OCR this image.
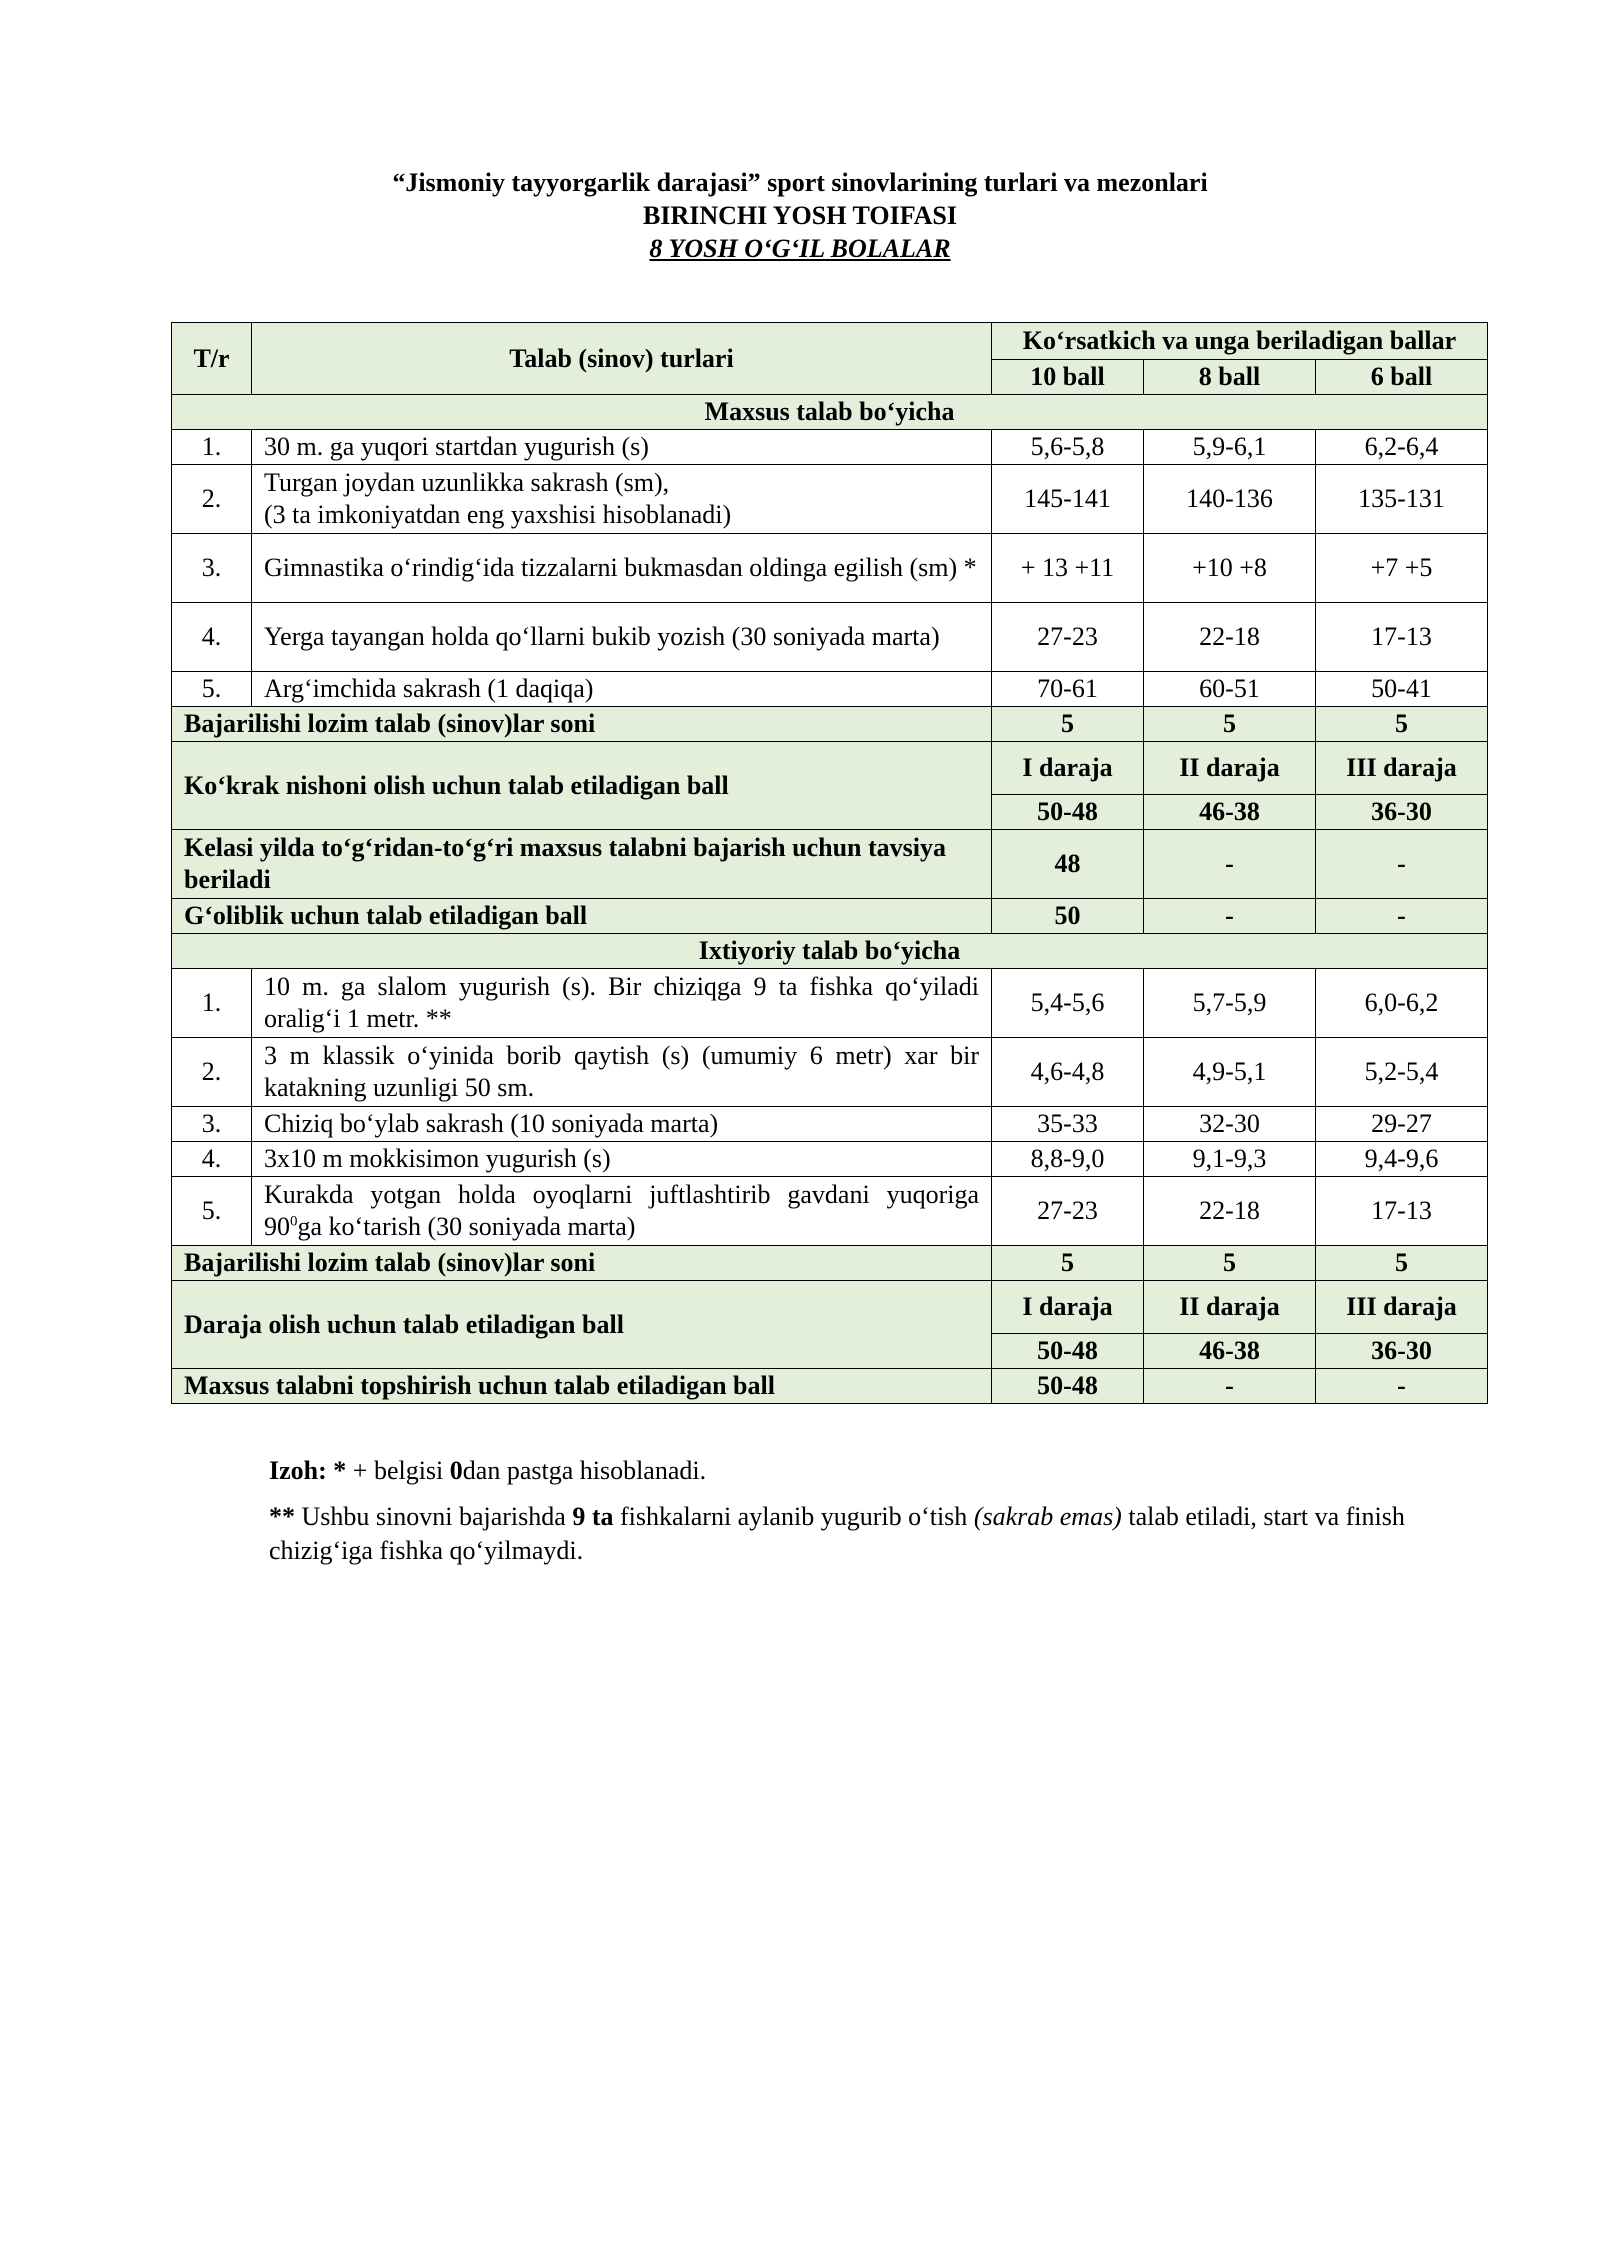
“Jismoniy tayyorgarlik darajasi” sport sinovlarining turlari va mezonlari
BIRINCHI YOSH TOIFASI
8 YOSH O‘G‘IL BOLALAR
T/r	Talab (sinov) turlari	Ko‘rsatkich va unga beriladigan ballar		
		10 ball	8 ball	6 ball
Maxsus talab bo‘yicha				
1.	30 m. ga yuqori startdan yugurish (s)	5,6-5,8	5,9-6,1	6,2-6,4
2.	Turgan joydan uzunlikka sakrash (sm),
(3 ta imkoniyatdan eng yaxshisi hisoblanadi)	145-141	140-136	135-131
3.	Gimnastika o‘rindig‘ida tizzalarni bukmasdan oldinga egilish (sm) *	+ 13 +11	+10 +8	+7 +5
4.	Yerga tayangan holda qo‘llarni bukib yozish (30 soniyada marta)	27-23	22-18	17-13
5.	Arg‘imchida sakrash (1 daqiqa)	70-61	60-51	50-41
Bajarilishi lozim talab (sinov)lar soni		5	5	5
Ko‘krak nishoni olish uchun talab etiladigan ball		I daraja	II daraja	III daraja
		50-48	46-38	36-30
Kelasi yilda to‘g‘ridan-to‘g‘ri maxsus talabni bajarish uchun tavsiya beriladi		48	-	-
G‘oliblik uchun talab etiladigan ball		50	-	-
Ixtiyoriy talab bo‘yicha				
1.	10 m. ga slalom yugurish (s). Bir chiziqga 9 ta fishka qo‘yiladi oralig‘i 1 metr. **	5,4-5,6	5,7-5,9	6,0-6,2
2.	3 m klassik o‘yinida borib qaytish (s) (umumiy 6 metr) xar bir katakning uzunligi 50 sm.	4,6-4,8	4,9-5,1	5,2-5,4
3.	Chiziq bo‘ylab sakrash (10 soniyada marta)	35-33	32-30	29-27
4.	3x10 m mokkisimon yugurish (s)	8,8-9,0	9,1-9,3	9,4-9,6
5.	Kurakda yotgan holda oyoqlarni juftlashtirib gavdani yuqoriga $90^0ga$ ko‘tarish (30 soniyada marta)	27-23	22-18	17-13
Bajarilishi lozim talab (sinov)lar soni		5	5	5
Daraja olish uchun talab etiladigan ball		I daraja	II daraja	III daraja
		50-48	46-38	36-30
Maxsus talabni topshirish uchun talab etiladigan ball		50-48	-	-

Izoh: * + belgisi 0dan pastga hisoblanadi.

** Ushbu sinovni bajarishda 9 ta fishkalarni aylanib yugurib o‘tish (sakrab emas) talab etiladi, start va finish chizig‘iga fishka qo‘yilmaydi.
